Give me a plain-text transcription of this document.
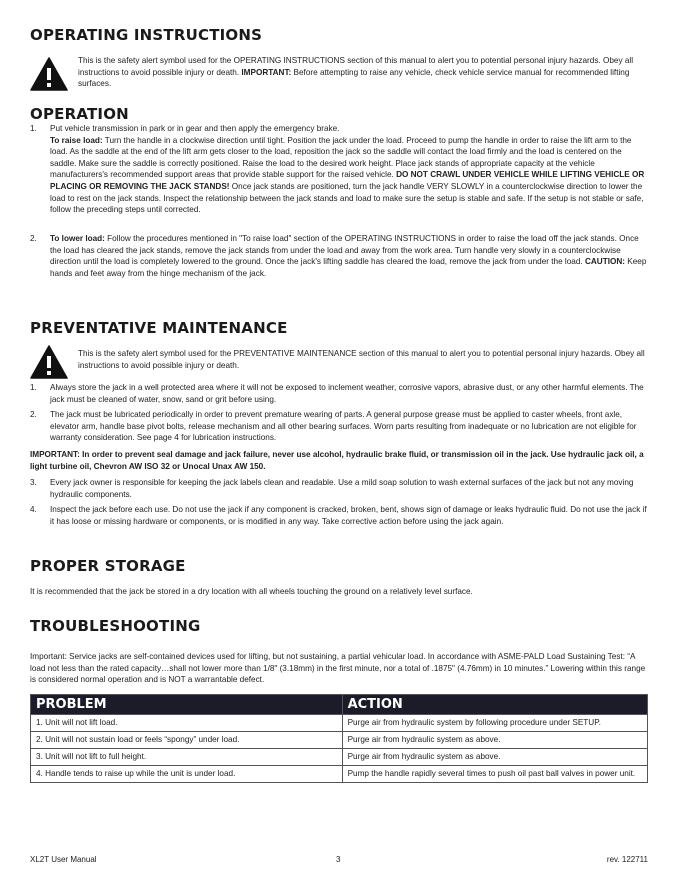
OPERATING INSTRUCTIONS
This is the safety alert symbol used for the OPERATING INSTRUCTIONS section of this manual to alert you to potential personal injury hazards. Obey all instructions to avoid possible injury or death. IMPORTANT: Before attempting to raise any vehicle, check vehicle service manual for recommended lifting surfaces.
OPERATION
1.	Put vehicle transmission in park or in gear and then apply the emergency brake.
To raise load: Turn the handle in a clockwise direction until tight. Position the jack under the load. Proceed to pump the handle in order to raise the lift arm to the load. As the saddle at the end of the lift arm gets closer to the load, reposition the jack so the saddle will contact the load firmly and the load is centered on the saddle. Make sure the saddle is correctly positioned. Raise the load to the desired work height. Place jack stands of appropriate capacity at the vehicle manufacturers's recommended support areas that provide stable support for the raised vehicle. DO NOT CRAWL UNDER VEHICLE WHILE LIFTING VEHICLE OR PLACING OR REMOVING THE JACK STANDS! Once jack stands are positioned, turn the jack handle VERY SLOWLY in a counterclockwise direction to lower the load to rest on the jack stands. Inspect the relationship between the jack stands and load to make sure the setup is stable and safe. If the setup is not stable or safe, follow the preceding steps until corrected.
2.	To lower load: Follow the procedures mentioned in "To raise load" section of the OPERATING INSTRUCTIONS in order to raise the load off the jack stands. Once the load has cleared the jack stands, remove the jack stands from under the load and away from the work area. Turn handle very slowly in a counterclockwise direction until the load is completely lowered to the ground. Once the jack's lifting saddle has cleared the load, remove the jack from under the load. CAUTION: Keep hands and feet away from the hinge mechanism of the jack.
PREVENTATIVE MAINTENANCE
This is the safety alert symbol used for the PREVENTATIVE MAINTENANCE section of this manual to alert you to potential personal injury hazards. Obey all instructions to avoid possible injury or death.
1.	Always store the jack in a well protected area where it will not be exposed to inclement weather, corrosive vapors, abrasive dust, or any other harmful elements. The jack must be cleaned of water, snow, sand or grit before using.
2.	The jack must be lubricated periodically in order to prevent premature wearing of parts. A general purpose grease must be applied to caster wheels, front axle, elevator arm, handle base pivot bolts, release mechanism and all other bearing surfaces. Worn parts resulting from inadequate or no lubrication are not eligible for warranty consideration. See page 4 for lubrication instructions.
IMPORTANT: In order to prevent seal damage and jack failure, never use alcohol, hydraulic brake fluid, or transmission oil in the jack. Use hydraulic jack oil, a light turbine oil, Chevron AW ISO 32 or Unocal Unax AW 150.
3.	Every jack owner is responsible for keeping the jack labels clean and readable. Use a mild soap solution to wash external surfaces of the jack but not any moving hydraulic components.
4.	Inspect the jack before each use. Do not use the jack if any component is cracked, broken, bent, shows sign of damage or leaks hydraulic fluid. Do not use the jack if it has loose or missing hardware or components, or is modified in any way. Take corrective action before using the jack again.
PROPER STORAGE
It is recommended that the jack be stored in a dry location with all wheels touching the ground on a relatively level surface.
TROUBLESHOOTING
Important: Service jacks are self-contained devices used for lifting, but not sustaining, a partial vehicular load. In accordance with ASME-PALD Load Sustaining Test: “A load not less than the rated capacity…shall not lower more than 1/8" (3.18mm) in the first minute, nor a total of .1875" (4.76mm) in 10 minutes.” Lowering within this range is considered normal operation and is NOT a warrantable defect.
PROBLEM	ACTION
1. Unit will not lift load.	Purge air from hydraulic system by following procedure under SETUP.
2. Unit will not sustain load or feels “spongy” under load.	Purge air from hydraulic system as above.
3. Unit will not lift to full height.	Purge air from hydraulic system as above.
4. Handle tends to raise up while the unit is under load.	Pump the handle rapidly several times to push oil past ball valves in power unit.
XL2T User Manual	3	rev. 122711
